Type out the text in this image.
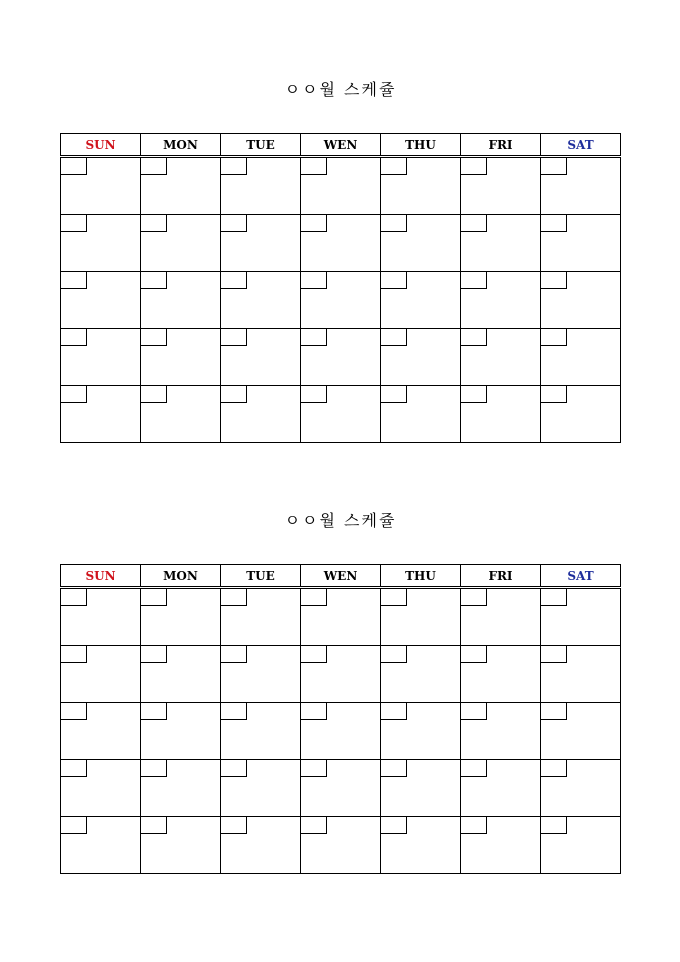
ㅇㅇ월 스케쥴
SUN	MON	TUE	WEN	THU	FRI	SAT

ㅇㅇ월 스케쥴
SUN	MON	TUE	WEN	THU	FRI	SAT
